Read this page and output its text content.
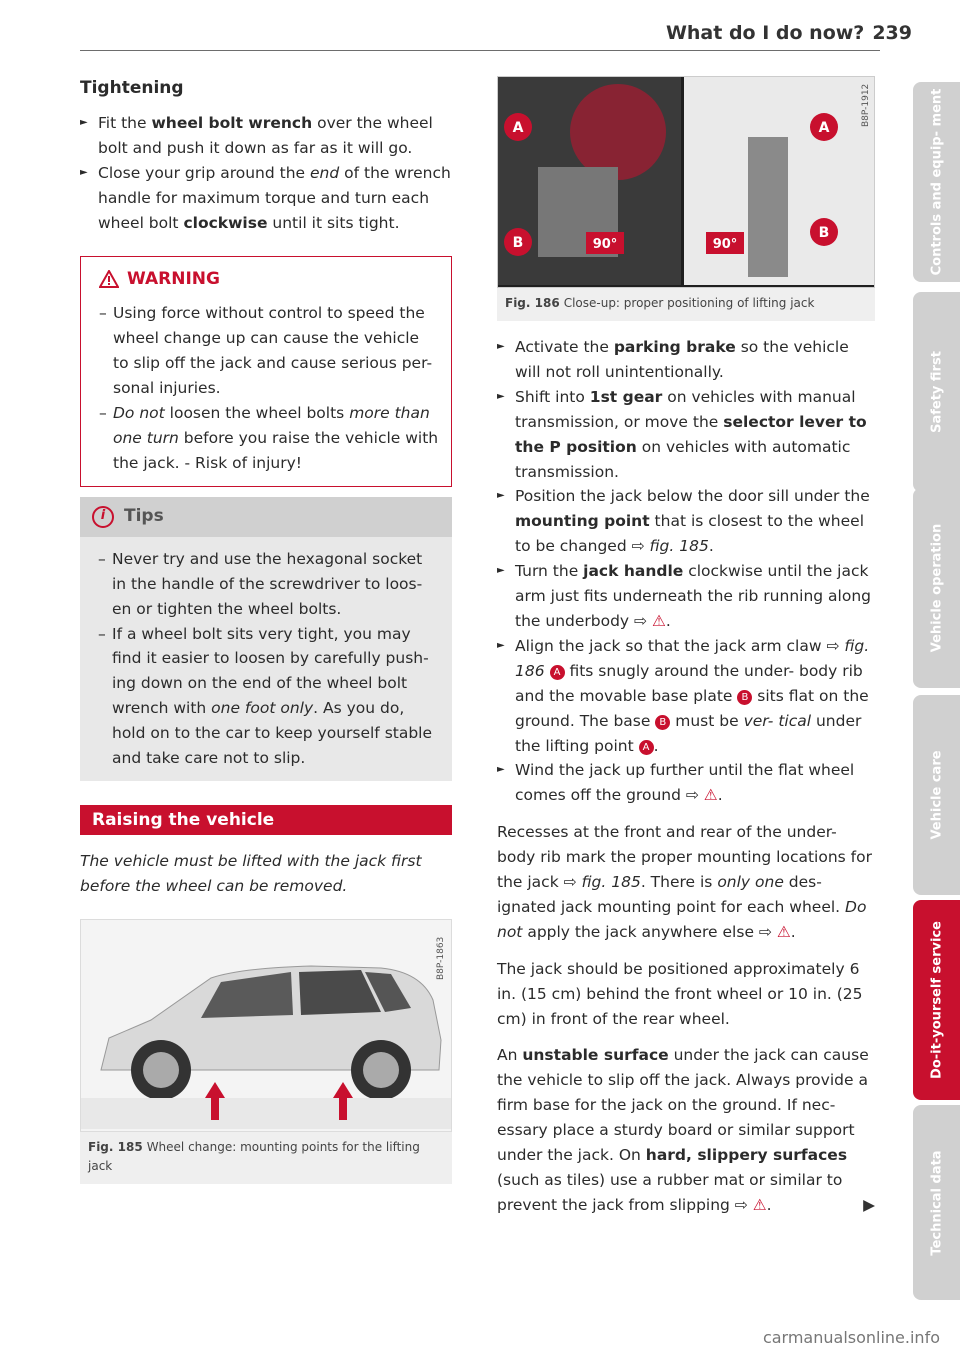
What do I do now? 239
Tightening

► Fit the wheel bolt wrench over the wheel bolt and push it down as far as it will go.

► Close your grip around the end of the wrench handle for maximum torque and turn each wheel bolt clockwise until it sits tight.

WARNING

– Using force without control to speed the wheel change up can cause the vehicle to slip off the jack and cause serious per- sonal injuries.

– Do not loosen the wheel bolts more than one turn before you raise the vehicle with the jack. - Risk of injury!

i	Tips

– Never try and use the hexagonal socket in the handle of the screwdriver to loos- en or tighten the wheel bolts.

– If a wheel bolt sits very tight, you may find it easier to loosen by carefully push- ing down on the end of the wheel bolt wrench with one foot only. As you do, hold on to the car to keep yourself stable and take care not to slip.

Raising the vehicle

The vehicle must be lifted with the jack first before the wheel can be removed.

B8P-1863
Fig. 185 Wheel change: mounting points for the lifting jack
A
B
A
B
90°	90°
B8P-1912
Fig. 186 Close-up: proper positioning of lifting jack

► Activate the parking brake so the vehicle will not roll unintentionally.

► Shift into 1st gear on vehicles with manual transmission, or move the selector lever to the P position on vehicles with automatic transmission.

► Position the jack below the door sill under the mounting point that is closest to the wheel to be changed ⇨ fig. 185.

► Turn the jack handle clockwise until the jack arm just fits underneath the rib running along the underbody ⇨ ⚠.

► Align the jack so that the jack arm claw ⇨ fig. 186 A fits snugly around the under- body rib and the movable base plate B sits flat on the ground. The base B must be ver- tical under the lifting point A .

► Wind the jack up further until the flat wheel comes off the ground ⇨ ⚠.

Recesses at the front and rear of the under- body rib mark the proper mounting locations for the jack ⇨ fig. 185. There is only one des- ignated jack mounting point for each wheel. Do not apply the jack anywhere else ⇨ ⚠.

The jack should be positioned approximately 6 in. (15 cm) behind the front wheel or 10 in. (25 cm) in front of the rear wheel.

An unstable surface under the jack can cause the vehicle to slip off the jack. Always provide a firm base for the jack on the ground. If nec- essary place a sturdy board or similar support under the jack. On hard, slippery surfaces (such as tiles) use a rubber mat or similar to prevent the jack from slipping ⇨ ⚠.	▶

Controls and equip- ment
Safety first
Vehicle operation
Vehicle care
Do-it-yourself service
Technical data
carmanualsonline.info
